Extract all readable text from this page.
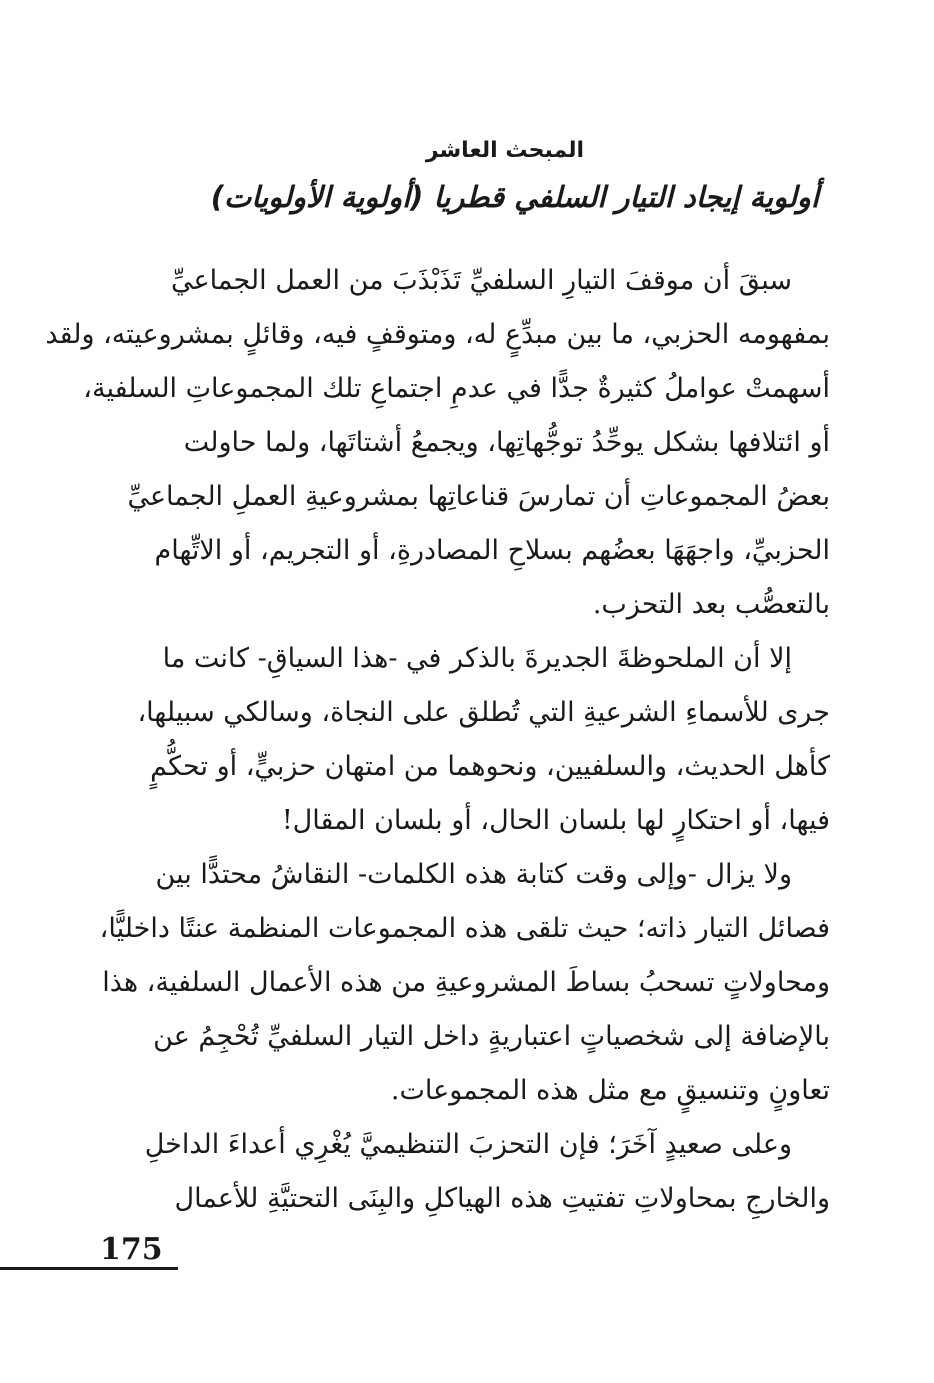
المبحث العاشر
أولوية إيجاد التيار السلفي قطريا (أولوية الأولويات)
سبقَ أن موقفَ التيارِ السلفيِّ تَذَبْذَبَ من العمل الجماعيِّ
بمفهومه الحزبي، ما بين مبدِّعٍ له، ومتوقفٍ فيه، وقائلٍ بمشروعيته، ولقد
أسهمتْ عواملُ كثيرةٌ جدًّا في عدمِ اجتماعِ تلك المجموعاتِ السلفية،
أو ائتلافها بشكل يوحِّدُ توجُّهاتِها، ويجمعُ أشتاتَها، ولما حاولت
بعضُ المجموعاتِ أن تمارسَ قناعاتِها بمشروعيةِ العملِ الجماعيِّ
الحزبيِّ، واجهَهَا بعضُهم بسلاحِ المصادرةِ، أو التجريم، أو الاتِّهام
بالتعصُّب بعد التحزب.
إلا أن الملحوظةَ الجديرةَ بالذكر في -هذا السياقِ- كانت ما
جرى للأسماءِ الشرعيةِ التي تُطلق على النجاة، وسالكي سبيلها،
كأهل الحديث، والسلفيين، ونحوهما من امتهان حزبيٍّ، أو تحكُّمٍ
فيها، أو احتكارٍ لها بلسان الحال، أو بلسان المقال!
ولا يزال -وإلى وقت كتابة هذه الكلمات- النقاشُ محتدًّا بين
فصائل التيار ذاته؛ حيث تلقى هذه المجموعات المنظمة عنتًا داخليًّا،
ومحاولاتٍ تسحبُ بساطَ المشروعيةِ من هذه الأعمال السلفية، هذا
بالإضافة إلى شخصياتٍ اعتباريةٍ داخل التيار السلفيِّ تُحْجِمُ عن
تعاونٍ وتنسيقٍ مع مثل هذه المجموعات.
وعلى صعيدٍ آخَرَ؛ فإن التحزبَ التنظيميَّ يُغْرِي أعداءَ الداخلِ
والخارجِ بمحاولاتِ تفتيتِ هذه الهياكلِ والبِنَى التحتيَّةِ للأعمال
175
